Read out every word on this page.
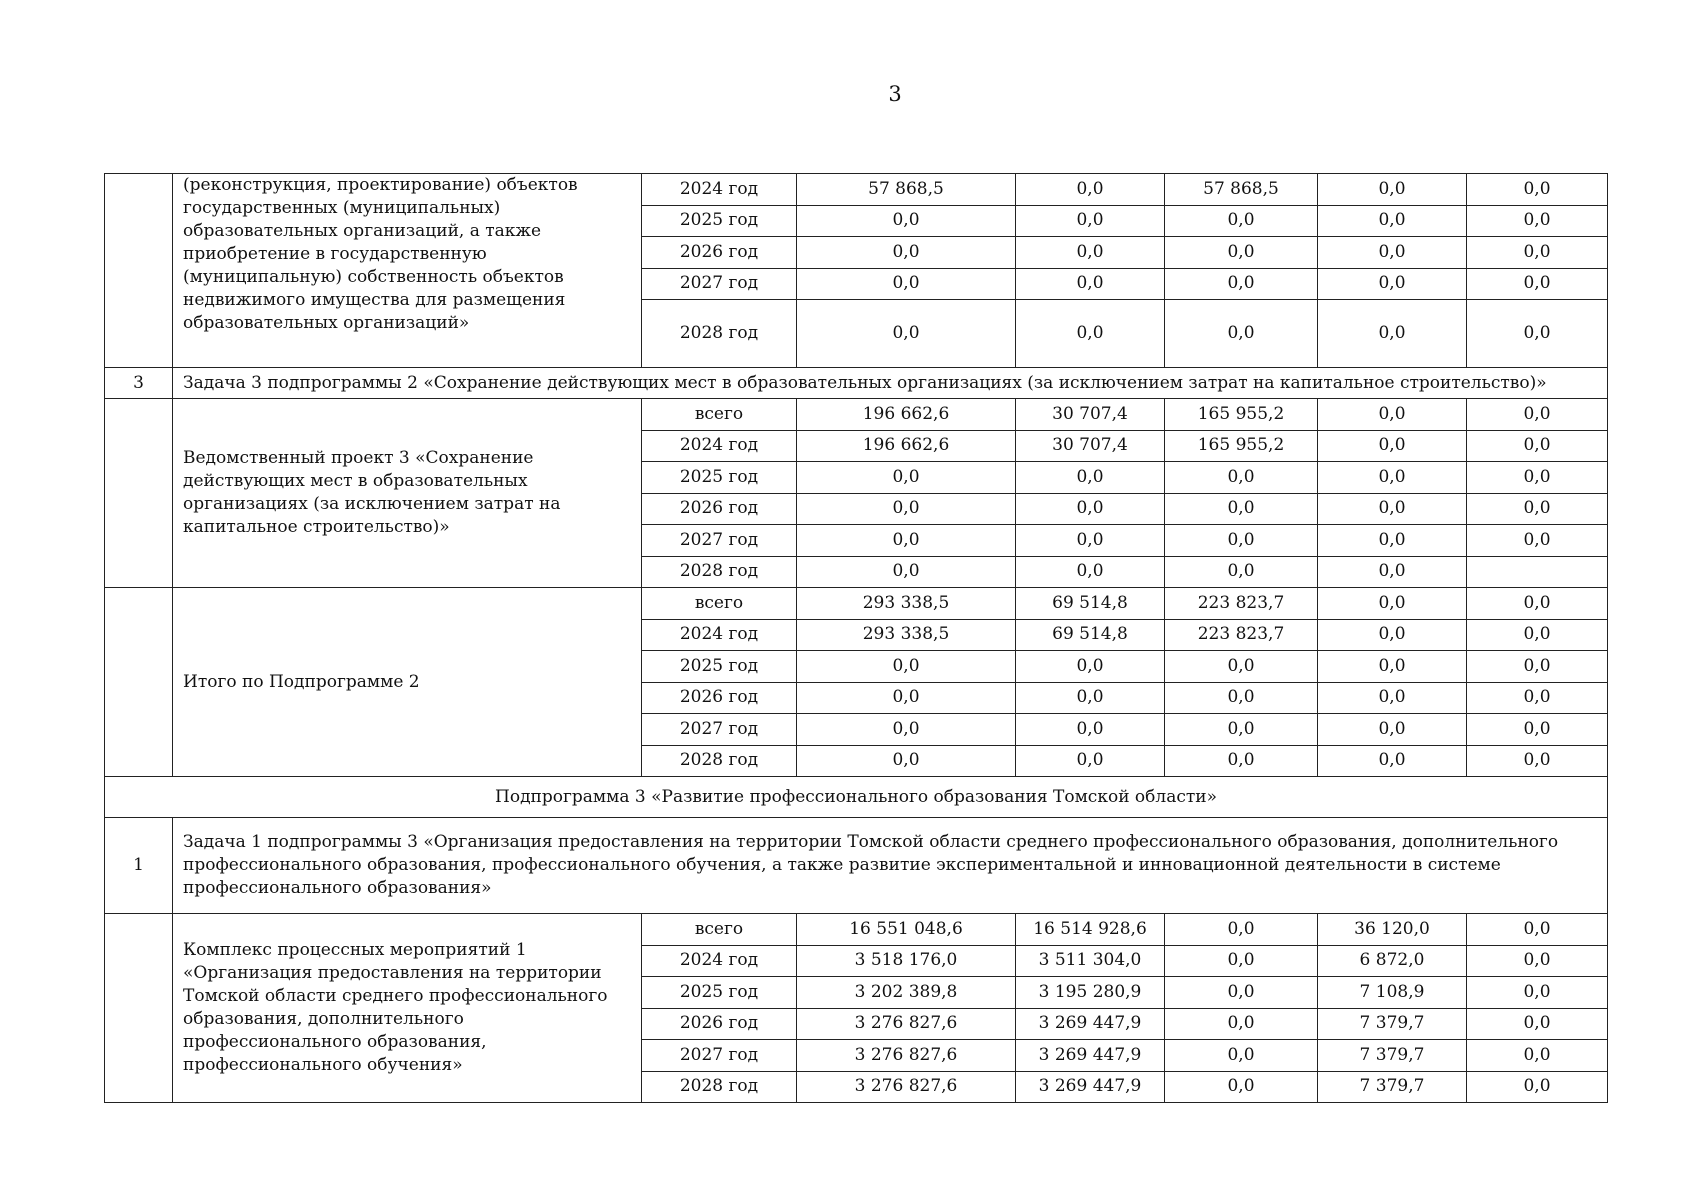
3
	(реконструкция, проектирование) объектов государственных (муниципальных) образовательных организаций, а также приобретение в государственную (муниципальную) собственность объектов недвижимого имущества для размещения образовательных организаций»	2024 год	57 868,5	0,0	57 868,5	0,0	0,0
		2025 год	0,0	0,0	0,0	0,0	0,0
		2026 год	0,0	0,0	0,0	0,0	0,0
		2027 год	0,0	0,0	0,0	0,0	0,0
		2028 год	0,0	0,0	0,0	0,0	0,0
3	Задача 3 подпрограммы 2 «Сохранение действующих мест в образовательных организациях (за исключением затрат на капитальное строительство)»						
	Ведомственный проект 3 «Сохранение действующих мест в образовательных организациях (за исключением затрат на капитальное строительство)»	всего	196 662,6	30 707,4	165 955,2	0,0	0,0
		2024 год	196 662,6	30 707,4	165 955,2	0,0	0,0
		2025 год	0,0	0,0	0,0	0,0	0,0
		2026 год	0,0	0,0	0,0	0,0	0,0
		2027 год	0,0	0,0	0,0	0,0	0,0
		2028 год	0,0	0,0	0,0	0,0	
	Итого по Подпрограмме 2	всего	293 338,5	69 514,8	223 823,7	0,0	0,0
		2024 год	293 338,5	69 514,8	223 823,7	0,0	0,0
		2025 год	0,0	0,0	0,0	0,0	0,0
		2026 год	0,0	0,0	0,0	0,0	0,0
		2027 год	0,0	0,0	0,0	0,0	0,0
		2028 год	0,0	0,0	0,0	0,0	0,0
Подпрограмма 3 «Развитие профессионального образования Томской области»							
1	Задача 1 подпрограммы 3 «Организация предоставления на территории Томской области среднего профессионального образования, дополнительного профессионального образования, профессионального обучения, а также развитие экспериментальной и инновационной деятельности в системе профессионального образования»						
	Комплекс процессных мероприятий 1 «Организация предоставления на территории Томской области среднего профессионального образования, дополнительного профессионального образования, профессионального обучения»	всего	16 551 048,6	16 514 928,6	0,0	36 120,0	0,0
		2024 год	3 518 176,0	3 511 304,0	0,0	6 872,0	0,0
		2025 год	3 202 389,8	3 195 280,9	0,0	7 108,9	0,0
		2026 год	3 276 827,6	3 269 447,9	0,0	7 379,7	0,0
		2027 год	3 276 827,6	3 269 447,9	0,0	7 379,7	0,0
		2028 год	3 276 827,6	3 269 447,9	0,0	7 379,7	0,0
